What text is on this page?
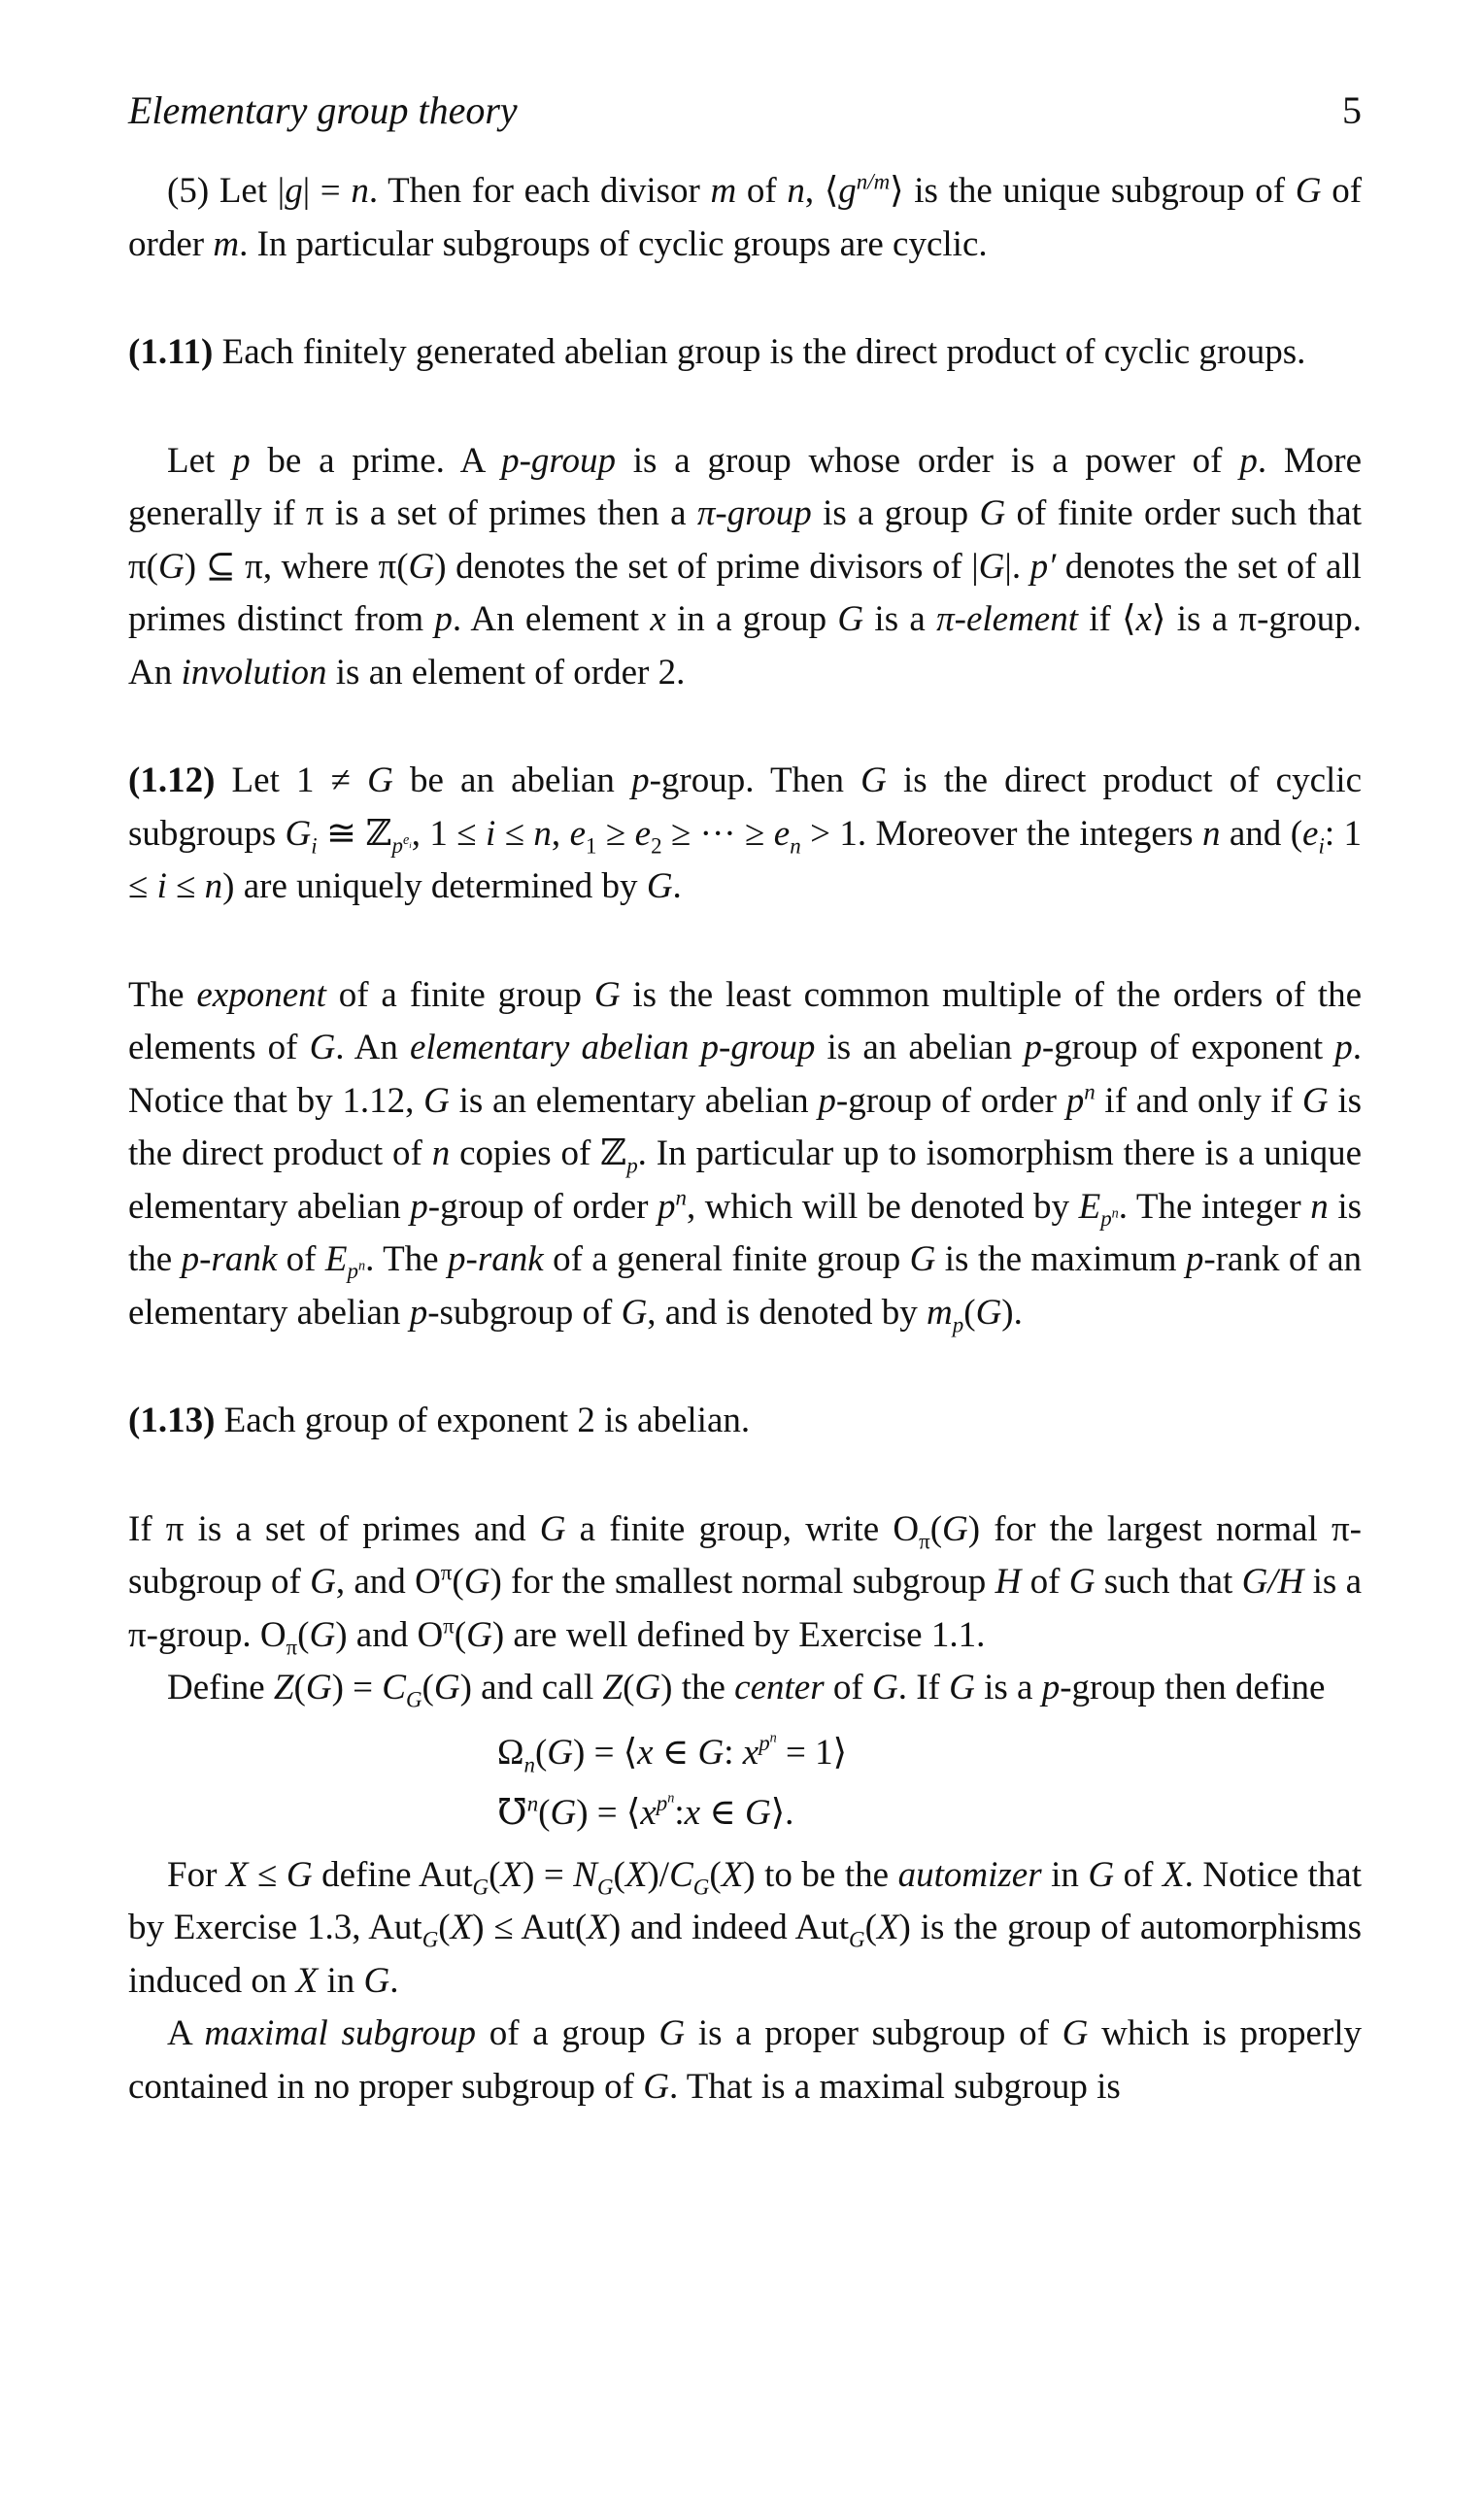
Elementary group theory	5

(5) Let |g| = n. Then for each divisor m of n, $⟨g^{n/m}⟩$ is the unique subgroup of G of order m. In particular subgroups of cyclic groups are cyclic.

(1.11) Each finitely generated abelian group is the direct product of cyclic groups.

Let p be a prime. A p-group is a group whose order is a power of p. More generally if π is a set of primes then a π-group is a group G of finite order such that π(G) ⊆ π, where π(G) denotes the set of prime divisors of |G|. p′ denotes the set of all primes distinct from p. An element x in a group G is a π-element if ⟨x⟩ is a π-group. An involution is an element of order 2.

(1.12) Let 1 ≠ G be an abelian p-group. Then G is the direct product of cyclic subgroups $G_i$ ≅ ℤ$_{p^{e_i}}$, 1 ≤ i ≤ n, $e_1 \ge e_2$ ≥ ··· ≥ $e_n > 1$. Moreover the integers n and ($e_i$: 1 ≤ i ≤ n) are uniquely determined by G.

The exponent of a finite group G is the least common multiple of the orders of the elements of G. An elementary abelian p-group is an abelian p-group of exponent p. Notice that by 1.12, G is an elementary abelian p-group of order $p^n$ if and only if G is the direct product of n copies of ℤ$_p$. In particular up to isomorphism there is a unique elementary abelian p-group of order $p^n$, which will be denoted by $E_{p^n}$. The integer n is the p-rank of $E_{p^n}$. The p-rank of a general finite group G is the maximum p-rank of an elementary abelian p-subgroup of G, and is denoted by $m_p(G)$.

(1.13) Each group of exponent 2 is abelian.

If π is a set of primes and G a finite group, write $O_\pi(G)$ for the largest normal π-subgroup of G, and $O^\pi(G)$ for the smallest normal subgroup H of G such that G/H is a π-group. $O_\pi(G)$ and $O^\pi(G)$ are well defined by Exercise 1.1.

Define $Z(G) = C_G(G)$ and call Z(G) the center of G. If G is a p-group then define

$\Omega_n(G)$ = ⟨x ∈ G: $x^{p^n}$ = 1⟩
℧$^n$(G) = $⟨x^{p^n}:x$ ∈ G⟩.

For X ≤ G define $Aut_G(X) = N_G(X)/C_G(X)$ to be the automizer in G of X. Notice that by Exercise 1.3, Aut$_G$(X) ≤ Aut(X) and indeed Aut$_G$(X) is the group of automorphisms induced on X in G.

A maximal subgroup of a group G is a proper subgroup of G which is properly contained in no proper subgroup of G. That is a maximal subgroup is
